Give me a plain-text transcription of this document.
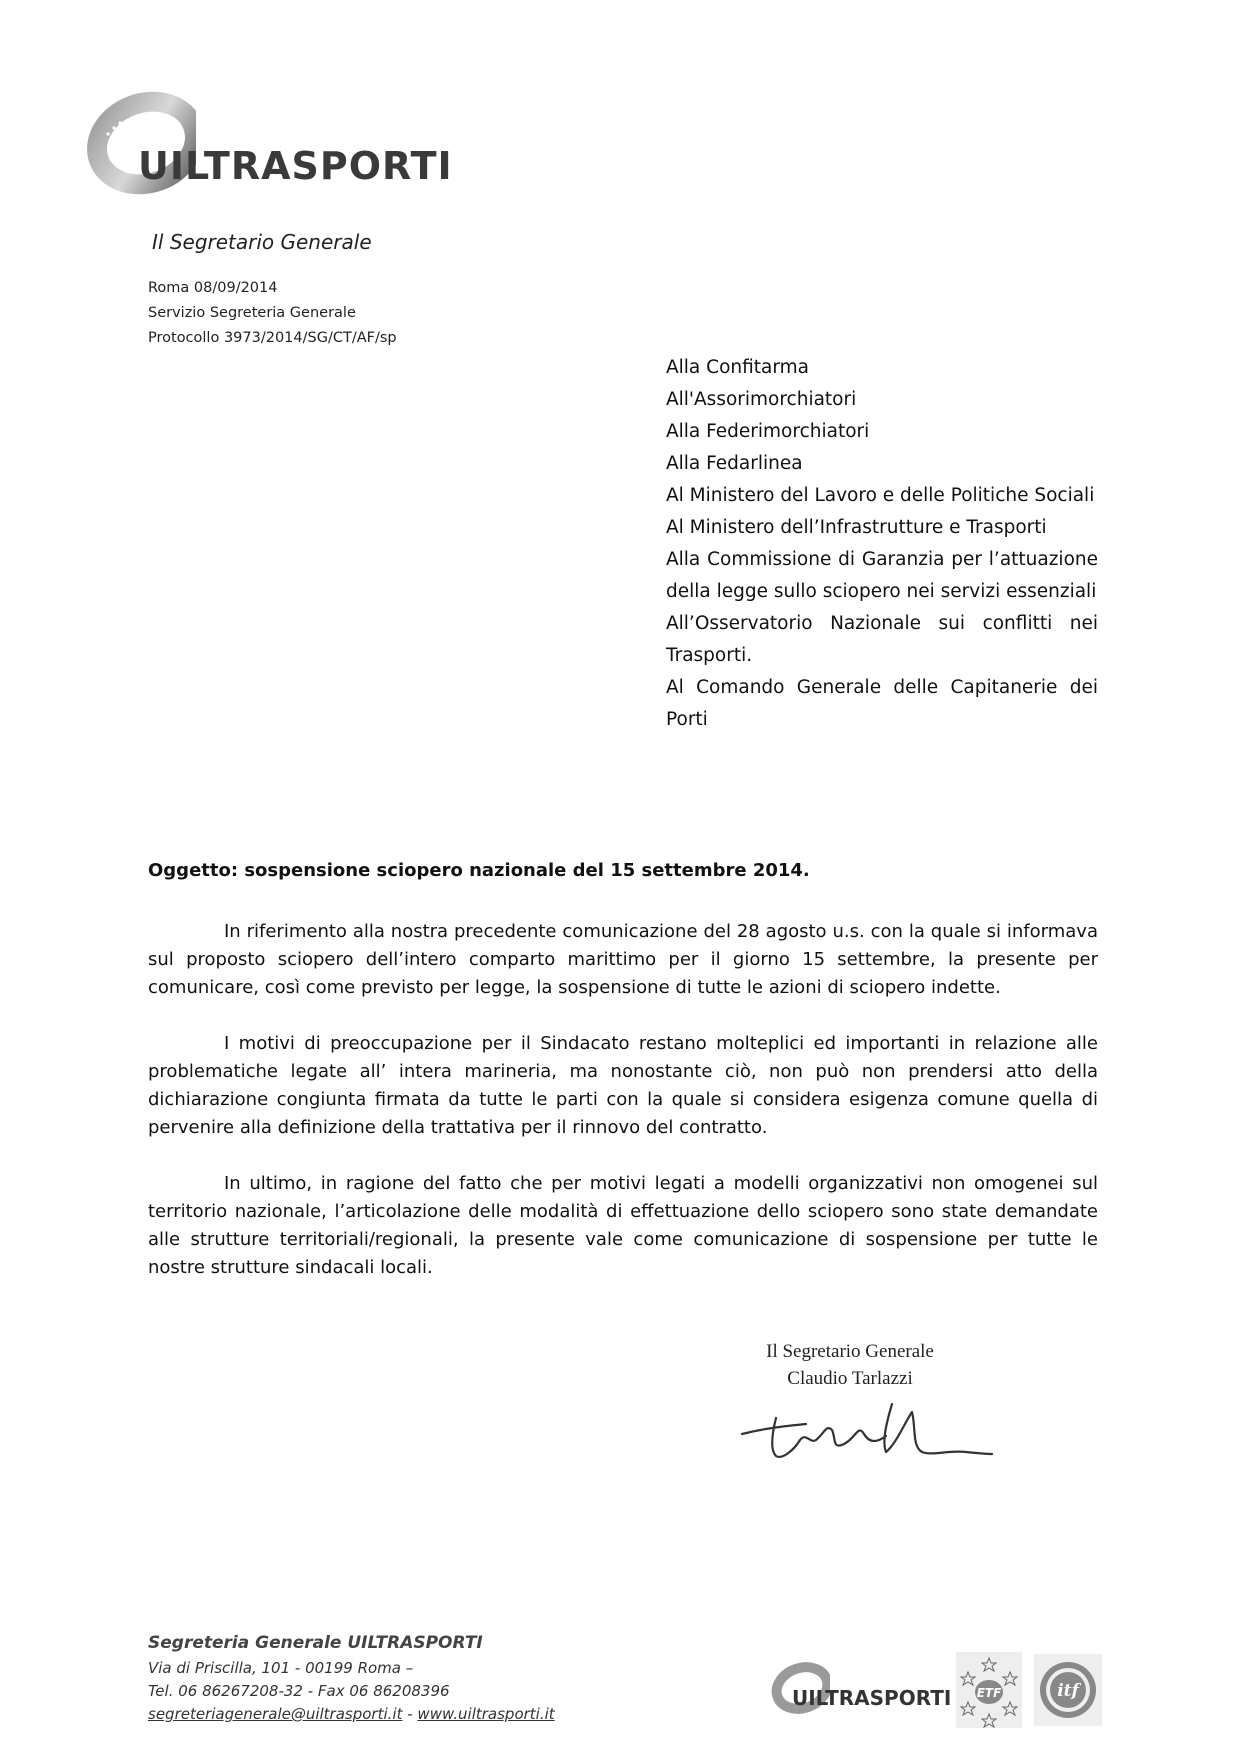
UILTRASPORTI
Il Segretario Generale
Roma 08/09/2014
Servizio Segreteria Generale
Protocollo 3973/2014/SG/CT/AF/sp
Alla Confitarma
All'Assorimorchiatori
Alla Federimorchiatori
Alla Fedarlinea
Al Ministero del Lavoro e delle Politiche Sociali
Al Ministero dell’Infrastrutture e Trasporti
Alla Commissione di Garanzia per l’attuazione della legge sullo sciopero nei servizi essenziali
All’Osservatorio Nazionale sui conflitti nei Trasporti.
Al Comando Generale delle Capitanerie dei Porti
Oggetto: sospensione sciopero nazionale del 15 settembre 2014.

In riferimento alla nostra precedente comunicazione del 28 agosto u.s. con la quale si informava sul proposto sciopero dell’intero comparto marittimo per il giorno 15 settembre, la presente per comunicare, così come previsto per legge, la sospensione di tutte le azioni di sciopero indette.

I motivi di preoccupazione per il Sindacato restano molteplici ed importanti in relazione alle problematiche legate all’ intera marineria, ma nonostante ciò, non può non prendersi atto della dichiarazione congiunta firmata da tutte le parti con la quale si considera esigenza comune quella di pervenire alla definizione della trattativa per il rinnovo del contratto.

In ultimo, in ragione del fatto che per motivi legati a modelli organizzativi non omogenei sul territorio nazionale, l’articolazione delle modalità di effettuazione dello sciopero sono state demandate alle strutture territoriali/regionali, la presente vale come comunicazione di sospensione per tutte le nostre strutture sindacali locali.

Il Segretario Generale
Claudio Tarlazzi
Segreteria Generale UILTRASPORTI
Via di Priscilla, 101 - 00199 Roma –
Tel. 06 86267208-32 - Fax 06 86208396
segreteriagenerale@uiltrasporti.it - www.uiltrasporti.it
UILTRASPORTI ETF	itf
